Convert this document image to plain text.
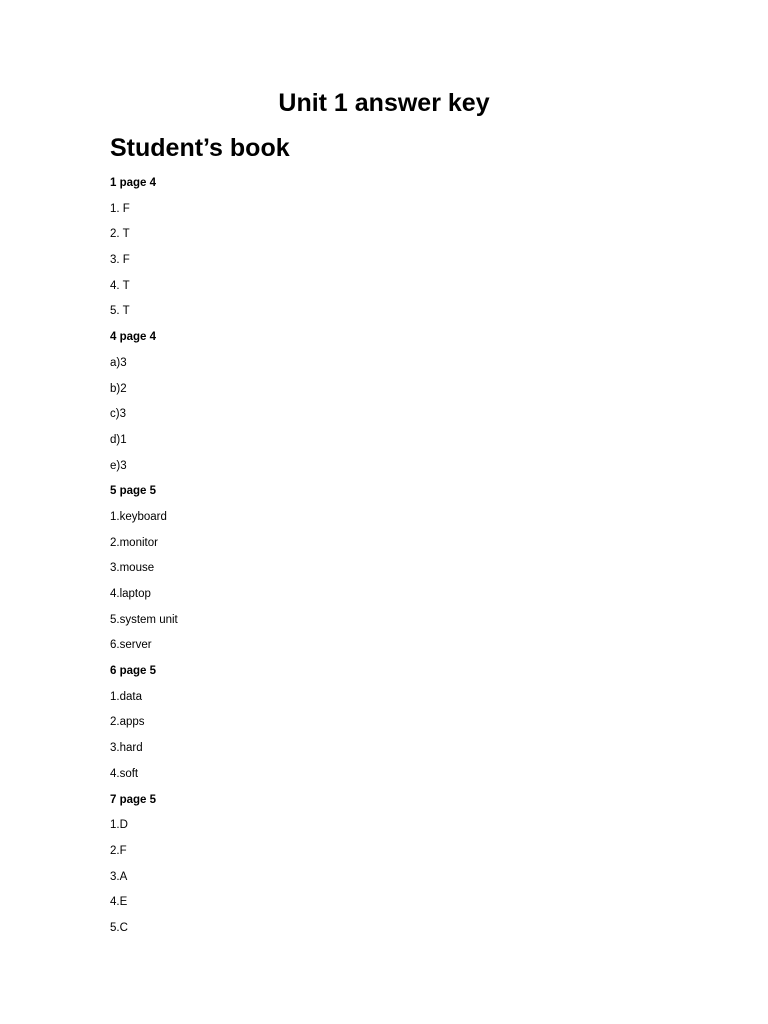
Unit 1 answer key
Student’s book
1 page 4
1. F
2. T
3. F
4. T
5. T
4 page 4
a)3
b)2
c)3
d)1
e)3
5 page 5
1.keyboard
2.monitor
3.mouse
4.laptop
5.system unit
6.server
6 page 5
1.data
2.apps
3.hard
4.soft
7 page 5
1.D
2.F
3.A
4.E
5.C
